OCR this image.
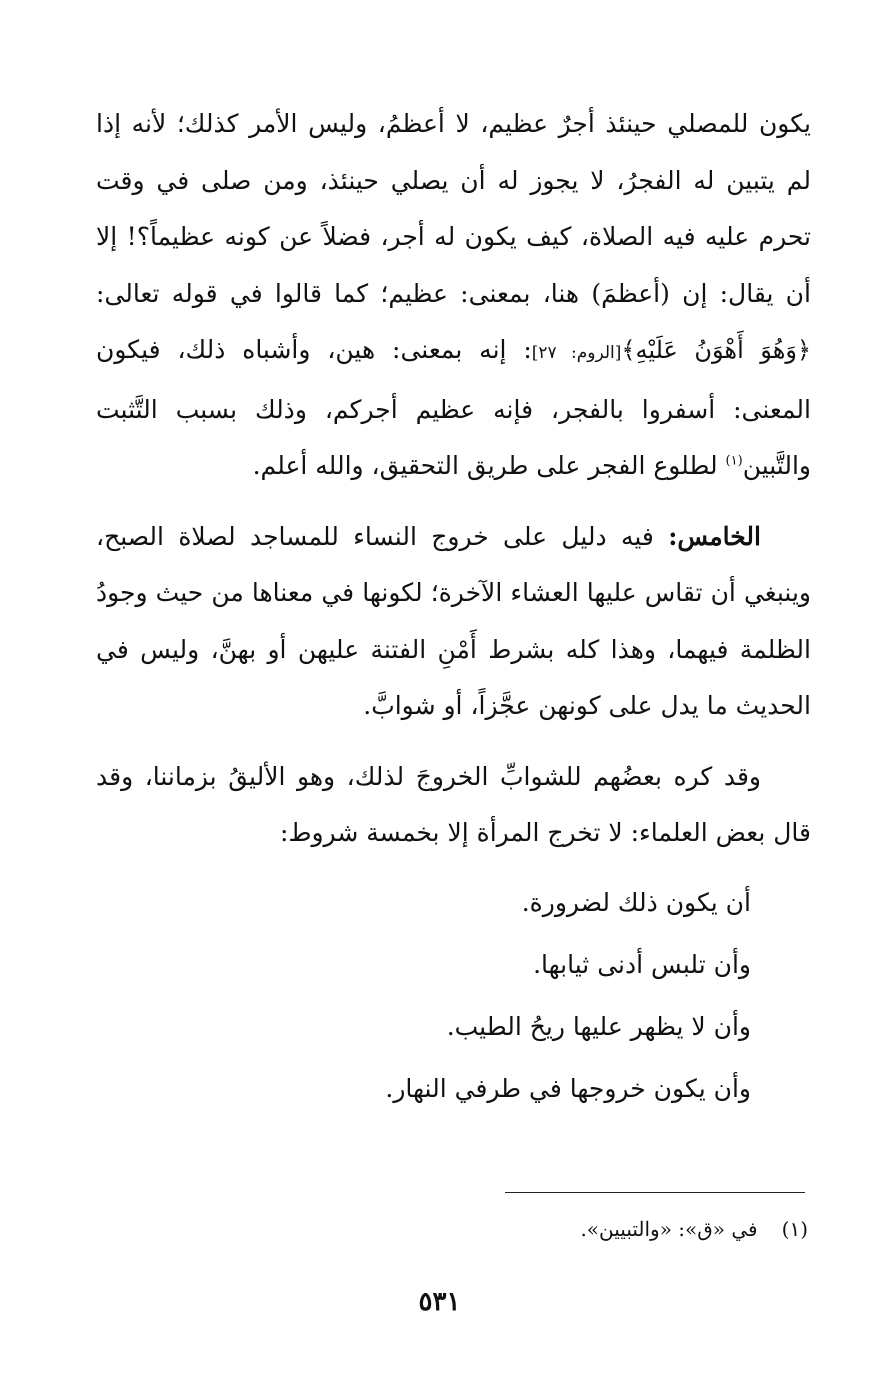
يكون للمصلي حينئذ أجرٌ عظيم، لا أعظمُ، وليس الأمر كذلك؛ لأنه إذا لم يتبين له الفجرُ، لا يجوز له أن يصلي حينئذ، ومن صلى في وقت تحرم عليه فيه الصلاة، كيف يكون له أجر، فضلاً عن كونه عظيماً؟! إلا أن يقال: إن (أعظمَ) هنا، بمعنى: عظيم؛ كما قالوا في قوله تعالى: ﴿وَهُوَ أَهْوَنُ عَلَيْهِ﴾[الروم: ٢٧]: إنه بمعنى: هين، وأشباه ذلك، فيكون المعنى: أسفروا بالفجر، فإنه عظيم أجركم، وذلك بسبب التَّثبت والتَّبين$^{(١)}$ لطلوع الفجر على طريق التحقيق، والله أعلم.

الخامس: فيه دليل على خروج النساء للمساجد لصلاة الصبح، وينبغي أن تقاس عليها العشاء الآخرة؛ لكونها في معناها من حيث وجودُ الظلمة فيهما، وهذا كله بشرط أَمْنِ الفتنة عليهن أو بهنَّ، وليس في الحديث ما يدل على كونهن عجَّزاً، أو شوابَّ.

وقد كره بعضُهم للشوابِّ الخروجَ لذلك، وهو الأليقُ بزماننا، وقد قال بعض العلماء: لا تخرج المرأة إلا بخمسة شروط:

أن يكون ذلك لضرورة.
وأن تلبس أدنى ثيابها.
وأن لا يظهر عليها ريحُ الطيب.
وأن يكون خروجها في طرفي النهار.
(١)في «ق»: «والتبيين».
٥٣١
